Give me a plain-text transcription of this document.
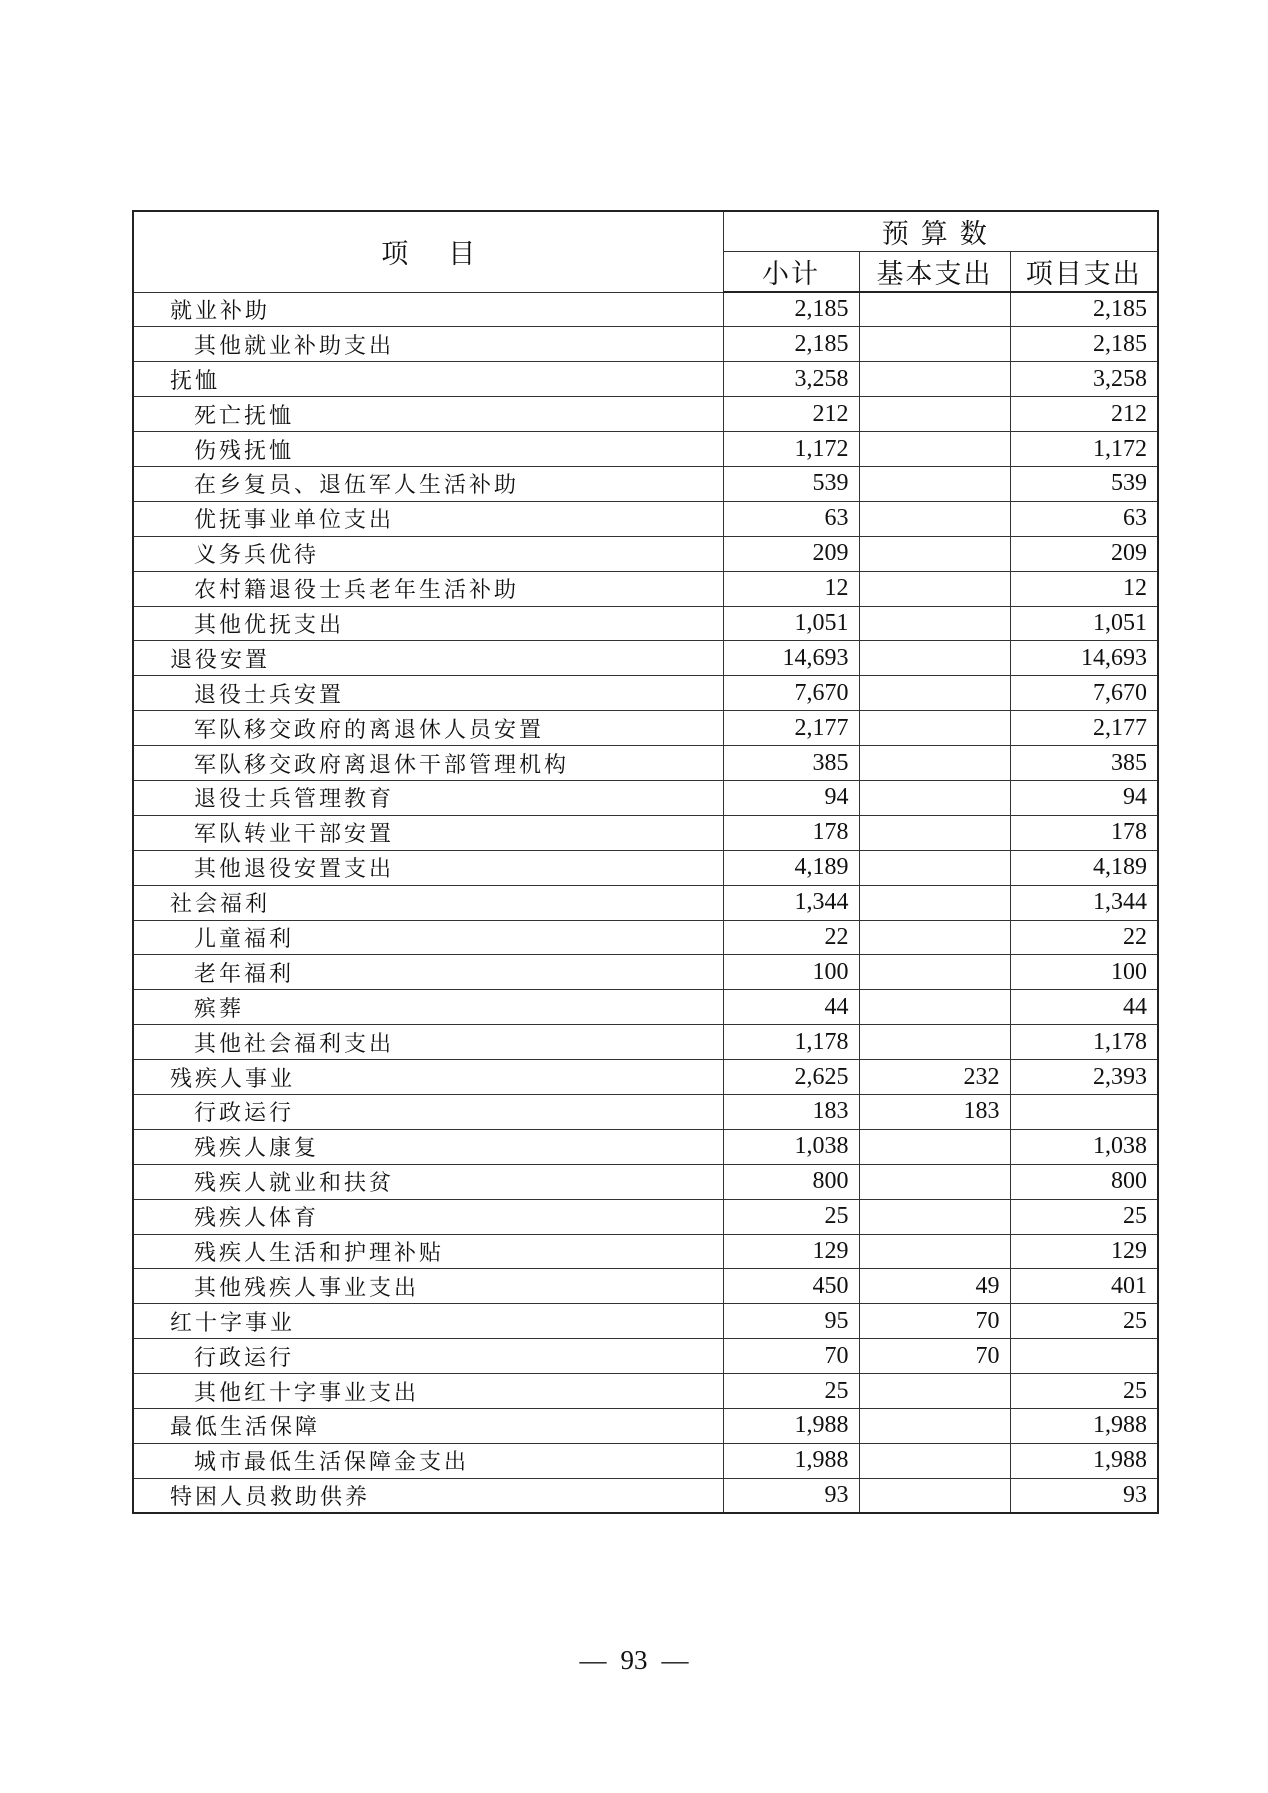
项目	预算数		
	小计	基本支出	项目支出
就业补助	2,185		2,185
其他就业补助支出	2,185		2,185
抚恤	3,258		3,258
死亡抚恤	212		212
伤残抚恤	1,172		1,172
在乡复员、退伍军人生活补助	539		539
优抚事业单位支出	63		63
义务兵优待	209		209
农村籍退役士兵老年生活补助	12		12
其他优抚支出	1,051		1,051
退役安置	14,693		14,693
退役士兵安置	7,670		7,670
军队移交政府的离退休人员安置	2,177		2,177
军队移交政府离退休干部管理机构	385		385
退役士兵管理教育	94		94
军队转业干部安置	178		178
其他退役安置支出	4,189		4,189
社会福利	1,344		1,344
儿童福利	22		22
老年福利	100		100
殡葬	44		44
其他社会福利支出	1,178		1,178
残疾人事业	2,625	232	2,393
行政运行	183	183	
残疾人康复	1,038		1,038
残疾人就业和扶贫	800		800
残疾人体育	25		25
残疾人生活和护理补贴	129		129
其他残疾人事业支出	450	49	401
红十字事业	95	70	25
行政运行	70	70	
其他红十字事业支出	25		25
最低生活保障	1,988		1,988
城市最低生活保障金支出	1,988		1,988
特困人员救助供养	93		93
— 93 —
